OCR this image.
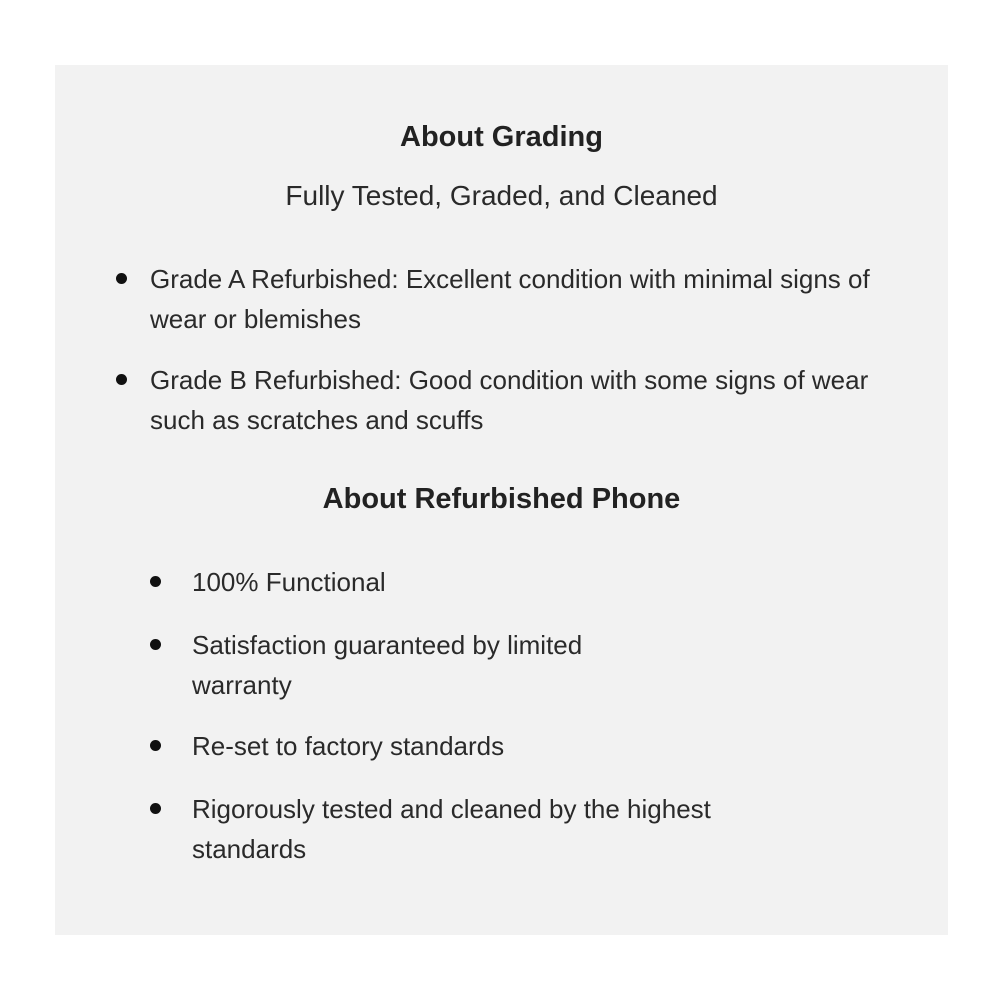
About Grading

Fully Tested, Graded, and Cleaned

Grade A Refurbished: Excellent condition with minimal signs of wear or blemishes
Grade B Refurbished: Good condition with some signs of wear such as scratches and scuffs
About Refurbished Phone
100% Functional
Satisfaction guaranteed by limited warranty
Re-set to factory standards
Rigorously tested and cleaned by the highest standards
